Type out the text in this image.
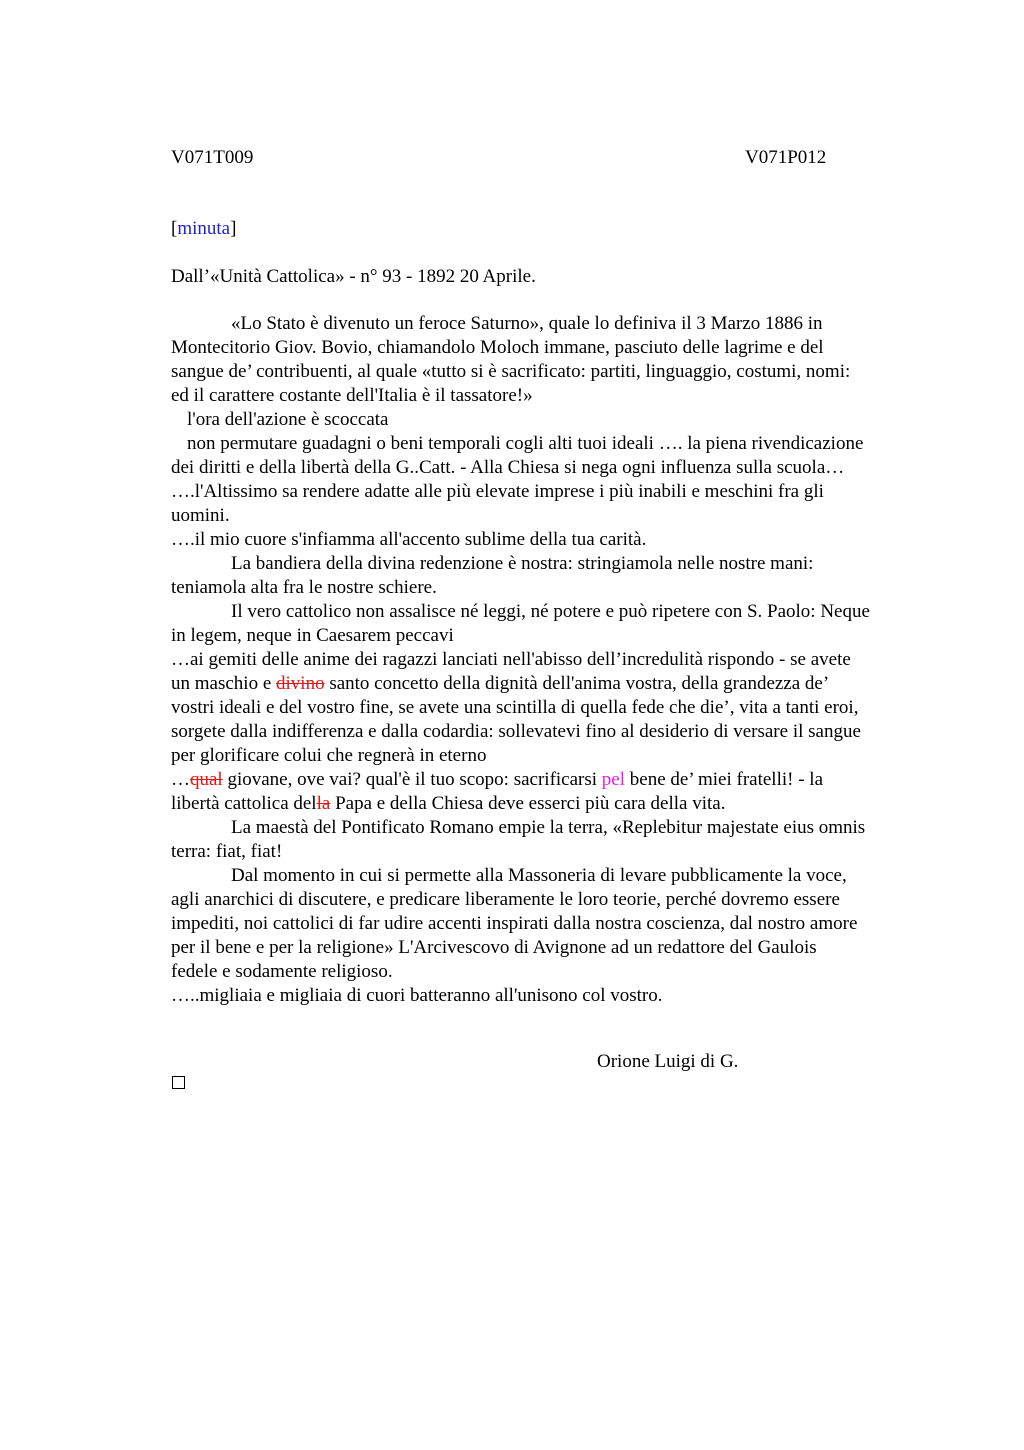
V071T009	V071P012
[minuta]
Dall’«Unità Cattolica» - n° 93 - 1892 20 Aprile.
«Lo Stato è divenuto un feroce Saturno», quale lo definiva il 3 Marzo 1886 in
Montecitorio Giov. Bovio, chiamandolo Moloch immane, pasciuto delle lagrime e del
sangue de’ contribuenti, al quale «tutto si è sacrificato: partiti, linguaggio, costumi, nomi:
ed il carattere costante dell'Italia è il tassatore!»
l'ora dell'azione è scoccata
non permutare guadagni o beni temporali cogli alti tuoi ideali …. la piena rivendicazione
dei diritti e della libertà della G..Catt. - Alla Chiesa si nega ogni influenza sulla scuola…
….l'Altissimo sa rendere adatte alle più elevate imprese i più inabili e meschini fra gli
uomini.
….il mio cuore s'infiamma all'accento sublime della tua carità.
La bandiera della divina redenzione è nostra: stringiamola nelle nostre mani:
teniamola alta fra le nostre schiere.
Il vero cattolico non assalisce né leggi, né potere e può ripetere con S. Paolo: Neque
in legem, neque in Caesarem peccavi
…ai gemiti delle anime dei ragazzi lanciati nell'abisso dell’incredulità rispondo - se avete
un maschio e divino santo concetto della dignità dell'anima vostra, della grandezza de’
vostri ideali e del vostro fine, se avete una scintilla di quella fede che die’, vita a tanti eroi,
sorgete dalla indifferenza e dalla codardia: sollevatevi fino al desiderio di versare il sangue
per glorificare colui che regnerà in eterno
…qual giovane, ove vai? qual'è il tuo scopo: sacrificarsi pel bene de’ miei fratelli! - la
libertà cattolica della Papa e della Chiesa deve esserci più cara della vita.
La maestà del Pontificato Romano empie la terra, «Replebitur majestate eius omnis
terra: fiat, fiat!
Dal momento in cui si permette alla Massoneria di levare pubblicamente la voce,
agli anarchici di discutere, e predicare liberamente le loro teorie, perché dovremo essere
impediti, noi cattolici di far udire accenti inspirati dalla nostra coscienza, dal nostro amore
per il bene e per la religione» L'Arcivescovo di Avignone ad un redattore del Gaulois
fedele e sodamente religioso.
…..migliaia e migliaia di cuori batteranno all'unisono col vostro.
Orione Luigi di G.
